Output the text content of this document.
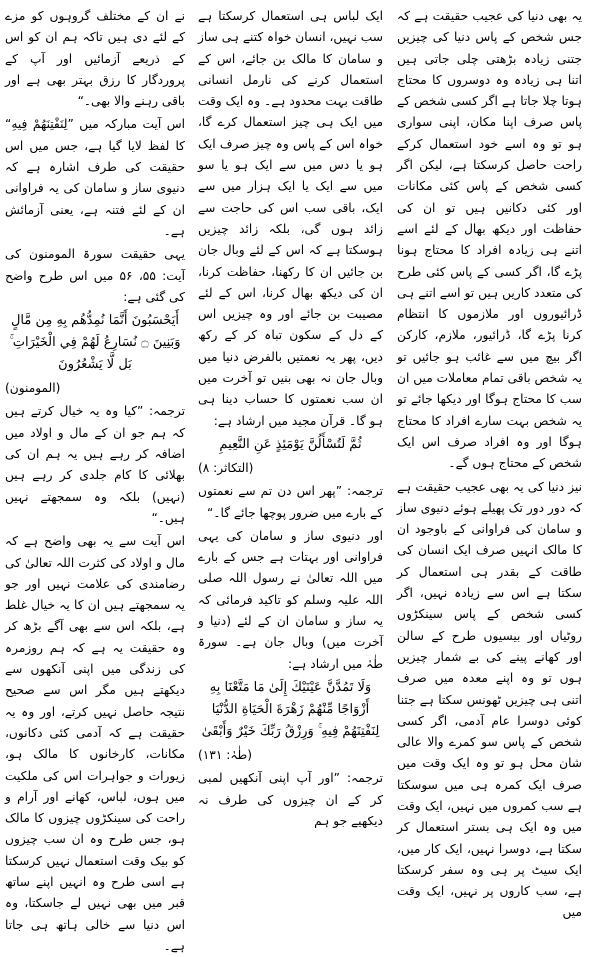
یہ بھی دنیا کی عجیب حقیقت ہے کہ جس شخص کے پاس دنیا کی چیزیں جتنی زیادہ بڑھتی چلی جاتی ہیں اتنا ہی زیادہ وہ دوسروں کا محتاج ہوتا چلا جاتا ہے اگر کسی شخص کے پاس صرف اپنا مکان، اپنی سواری ہو تو وہ اسے خود استعمال کرکے راحت حاصل کرسکتا ہے، لیکن اگر کسی شخص کے پاس کئی مکانات اور کئی دکانیں ہیں تو ان کی حفاظت اور دیکھ بھال کے لئے اسے اتنے ہی زیادہ افراد کا محتاج ہونا پڑے گا، اگر کسی کے پاس کئی طرح کی متعدد کاریں ہیں تو اسے اتنے ہی ڈرائیوروں اور ملازموں کا انتظام کرنا پڑے گا، ڈرائیور، ملازم، کارکن اگر بیچ میں سے غائب ہو جائیں تو یہ شخص باقی تمام معاملات میں ان سب کا محتاج ہوگا اور دیکھا جائے تو یہ شخص بہت سارے افراد کا محتاج ہوگا اور وہ افراد صرف اس ایک شخص کے محتاج ہوں گے۔

نیز دنیا کی یہ بھی عجیب حقیقت ہے کہ دور دور تک پھیلے ہوئے دنیوی ساز و سامان کی فراوانی کے باوجود ان کا مالک انہیں صرف ایک انسان کی طاقت کے بقدر ہی استعمال کر سکتا ہے اس سے زیادہ نہیں، اگر کسی شخص کے پاس سینکڑوں روٹیاں اور بیسیوں طرح کے سالن اور کھانے پینے کی بے شمار چیزیں ہوں تو وہ اپنے معدہ میں صرف اتنی ہی چیزیں ٹھونس سکتا ہے جتنا کوئی دوسرا عام آدمی، اگر کسی شخص کے پاس سو کمرے والا عالی شان محل ہو تو وہ ایک وقت میں صرف ایک کمرہ ہی میں سوسکتا ہے سب کمروں میں نہیں، ایک وقت میں وہ ایک ہی بستر استعمال کر سکتا ہے، دوسرا نہیں، ایک کار میں، ایک سیٹ پر ہی وہ سفر کرسکتا ہے، سب کاروں پر نہیں، ایک وقت میں

ایک لباس ہی استعمال کرسکتا ہے سب نہیں، انسان خواہ کتنے ہی ساز و سامان کا مالک بن جائے، اس کے استعمال کرنے کی نارمل انسانی طاقت بہت محدود ہے۔ وہ ایک وقت میں ایک ہی چیز استعمال کرے گا، خواہ اس کے پاس وہ چیز صرف ایک ہو یا دس میں سے ایک ہو یا سو میں سے ایک یا ایک ہزار میں سے ایک، باقی سب اس کی حاجت سے زائد ہوں گی، بلکہ زائد چیزیں ہوسکتا ہے کہ اس کے لئے وبال جان بن جائیں ان کا رکھنا، حفاظت کرنا، ان کی دیکھ بھال کرنا، اس کے لئے مصیبت بن جائے اور وہ چیزیں اس کے دل کے سکون تباہ کر کے رکھ دیں، پھر یہ نعمتیں بالفرض دنیا میں وبال جان نہ بھی بنیں تو آخرت میں ان سب نعمتوں کا حساب دینا ہی ہو گا۔ قرآن مجید میں ارشاد ہے:

ثُمَّ لَتُسْأَلُنَّ يَوْمَئِذٍ عَنِ النَّعِيمِ

(التکاثر: ۸)

ترجمہ: ”پھر اس دن تم سے نعمتوں کے بارے میں ضرور پوچھا جائے گا۔“

اور دنیوی ساز و سامان کی یہی فراوانی اور بہتات ہے جس کے بارے میں اللہ تعالیٰ نے رسول اللہ صلی اللہ علیہ وسلم کو تاکید فرمائی کہ یہ ساز و سامان ان کے لئے (دنیا و آخرت میں) وبال جان ہے۔ سورۃ طٰہٰ میں ارشاد ہے:

وَلَا تَمُدَّنَّ عَيْنَيْكَ إِلَىٰ مَا مَتَّعْنَا بِهِ أَزْوَاجًا مِّنْهُمْ زَهْرَةَ الْحَيَاةِ الدُّنْيَا لِنَفْتِنَهُمْ فِيهِ ۚ وَرِزْقُ رَبِّكَ خَيْرٌ وَأَبْقَىٰ

(طٰہٰ: ۱۳۱)

ترجمہ: ”اور آپ اپنی آنکھیں لمبی کر کے ان چیزوں کی طرف نہ دیکھیے جو ہم

نے ان کے مختلف گروہوں کو مزے کے لئے دی ہیں تاکہ ہم ان کو اس کے ذریعے آزمائیں اور آپ کے پروردگار کا رزق بہتر بھی ہے اور باقی رہنے والا بھی۔“

اس آیت مبارکہ میں ”لِنَفْتِنَهُمْ فِيهِ“ کا لفظ لایا گیا ہے، جس میں اس حقیقت کی طرف اشارہ ہے کہ دنیوی ساز و سامان کی یہ فراوانی ان کے لئے فتنہ ہے، یعنی آزمائش ہے۔

یہی حقیقت سورۃ المومنون کی آیت: ۵۵، ۵۶ میں اس طرح واضح کی گئی ہے:

أَيَحْسَبُونَ أَنَّمَا نُمِدُّهُم بِهِ مِن مَّالٍ وَبَنِينَ ۝ نُسَارِعُ لَهُمْ فِي الْخَيْرَاتِ ۚ بَل لَّا يَشْعُرُونَ

(المومنون)

ترجمہ: ”کیا وہ یہ خیال کرتے ہیں کہ ہم جو ان کے مال و اولاد میں اضافہ کر رہے ہیں یہ ہم ان کی بھلائی کا کام جلدی کر رہے ہیں (نہیں) بلکہ وہ سمجھتے نہیں ہیں۔“

اس آیت سے یہ بھی واضح ہے کہ مال و اولاد کی کثرت اللہ تعالیٰ کی رضامندی کی علامت نہیں اور جو یہ سمجھتے ہیں ان کا یہ خیال غلط ہے، بلکہ اس سے بھی آگے بڑھ کر وہ حقیقت یہ ہے کہ ہم روزمرہ کی زندگی میں اپنی آنکھوں سے دیکھتے ہیں مگر اس سے صحیح نتیجہ حاصل نہیں کرتے، اور وہ یہ حقیقت ہے کہ آدمی کئی دکانوں، مکانات، کارخانوں کا مالک ہو، زیورات و جواہرات اس کی ملکیت میں ہوں، لباس، کھانے اور آرام و راحت کی سینکڑوں چیزوں کا مالک ہو، جس طرح وہ ان سب چیزوں کو بیک وقت استعمال نہیں کرسکتا ہے اسی طرح وہ انہیں اپنے ساتھ قبر میں بھی نہیں لے جاسکتا، وہ اس دنیا سے خالی ہاتھ ہی جاتا ہے۔
